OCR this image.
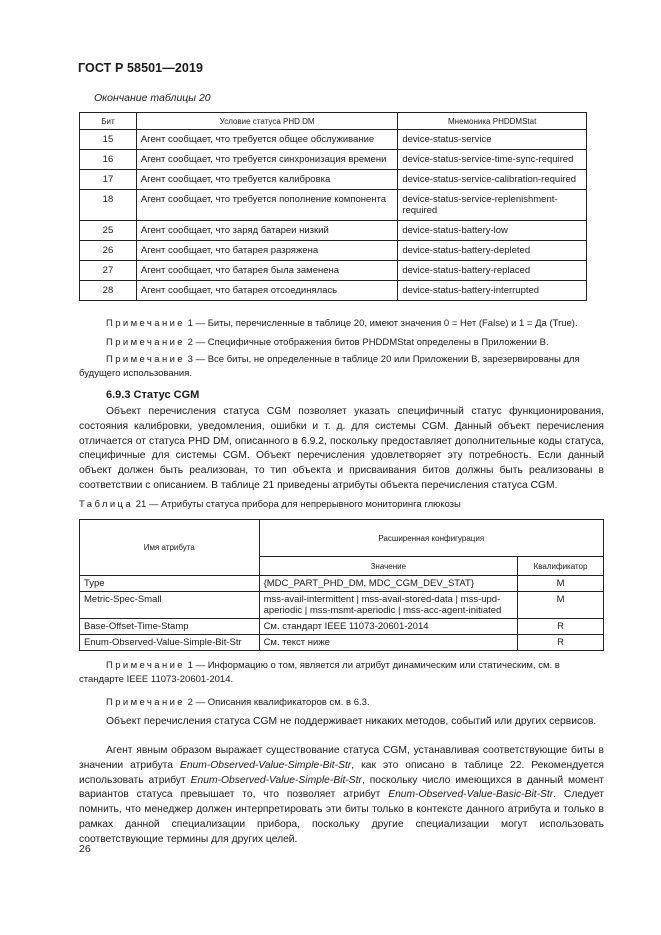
ГОСТ Р 58501—2019
Окончание таблицы 20
Бит	Условие статуса PHD DM	Мнемоника PHDDMStat
15	Агент сообщает, что требуется общее обслуживание	device-status-service
16	Агент сообщает, что требуется синхронизация времени	device-status-service-time-sync-required
17	Агент сообщает, что требуется калибровка	device-status-service-calibration-required
18	Агент сообщает, что требуется пополнение компонента	device-status-service-replenishment-required
25	Агент сообщает, что заряд батареи низкий	device-status-battery-low
26	Агент сообщает, что батарея разряжена	device-status-battery-depleted
27	Агент сообщает, что батарея была заменена	device-status-battery-replaced
28	Агент сообщает, что батарея отсоединялась	device-status-battery-interrupted
Примечание 1 — Биты, перечисленные в таблице 20, имеют значения 0 = Нет (False) и 1 = Да (True).
Примечание 2 — Специфичные отображения битов PHDDMStat определены в Приложении В.
Примечание 3 — Все биты, не определенные в таблице 20 или Приложении В, зарезервированы для будущего использования.
6.9.3 Статус CGM
Объект перечисления статуса CGM позволяет указать специфичный статус функционирования, состояния калибровки, уведомления, ошибки и т. д. для системы CGM. Данный объект перечисления отличается от статуса PHD DM, описанного в 6.9.2, поскольку предоставляет дополнительные коды статуса, специфичные для системы CGM. Объект перечисления удовлетворяет эту потребность. Если данный объект должен быть реализован, то тип объекта и присваивания битов должны быть реализованы в соответствии с описанием. В таблице 21 приведены атрибуты объекта перечисления статуса CGM.
Таблица 21 — Атрибуты статуса прибора для непрерывного мониторинга глюкозы
Имя атрибута	Расширенная конфигурация	
	Значение	Квалификатор
Type	{MDC_PART_PHD_DM, MDC_CGM_DEV_STAT}	M
Metric-Spec-Small	mss-avail-intermittent | mss-avail-stored-data | mss-upd-aperiodic | mss-msmt-aperiodic | mss-acc-agent-initiated	M
Base-Offset-Time-Stamp	См. стандарт IEEE 11073-20601-2014	R
Enum-Observed-Value-Simple-Bit-Str	См. текст ниже	R
Примечание 1 — Информацию о том, является ли атрибут динамическим или статическим, см. в стандарте IEEE 11073-20601-2014.
Примечание 2 — Описания квалификаторов см. в 6.3.
Объект перечисления статуса CGM не поддерживает никаких методов, событий или других сервисов.
Агент явным образом выражает существование статуса CGM, устанавливая соответствующие биты в значении атрибута Enum-Observed-Value-Simple-Bit-Str, как это описано в таблице 22. Рекомендуется использовать атрибут Enum-Observed-Value-Simple-Bit-Str, поскольку число имеющихся в данный момент вариантов статуса превышает то, что позволяет атрибут Enum-Observed-Value-Basic-Bit-Str. Следует помнить, что менеджер должен интерпретировать эти биты только в контексте данного атрибута и только в рамках данной специализации прибора, поскольку другие специализации могут использовать соответствующие термины для других целей.
26
